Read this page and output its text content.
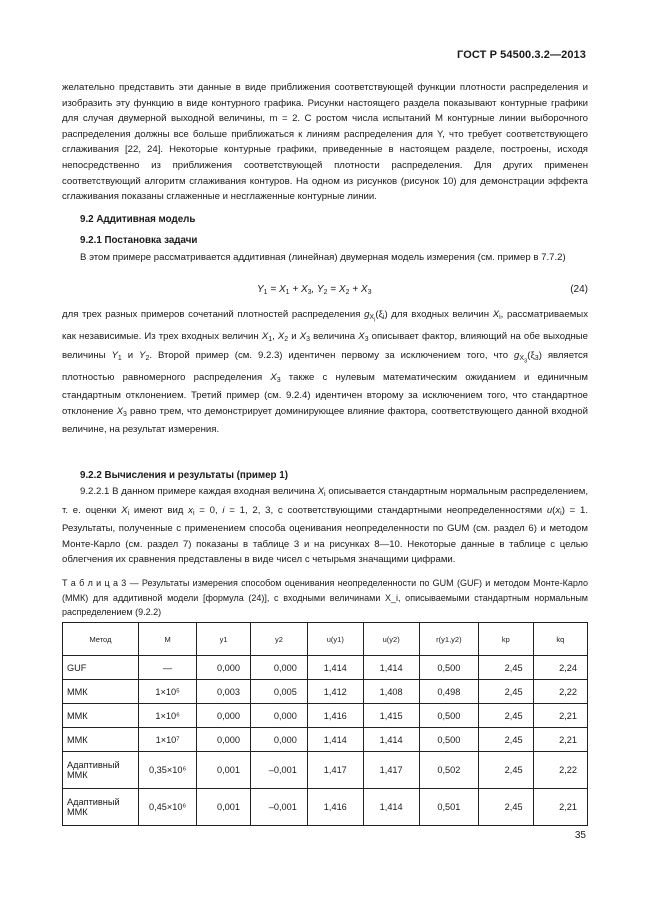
ГОСТ Р 54500.3.2—2013

желательно представить эти данные в виде приближения соответствующей функции плотности распределения и изобразить эту функцию в виде контурного графика. Рисунки настоящего раздела показывают контурные графики для случая двумерной выходной величины, m = 2. С ростом числа испытаний M контурные линии выборочного распределения должны все больше приближаться к линиям распределения для Y, что требует соответствующего сглаживания [22, 24]. Некоторые контурные графики, приведенные в настоящем разделе, построены, исходя непосредственно из приближения соответствующей плотности распределения. Для других применен соответствующий алгоритм сглаживания контуров. На одном из рисунков (рисунок 10) для демонстрации эффекта сглаживания показаны сглаженные и несглаженные контурные линии.

9.2 Аддитивная модель
9.2.1 Постановка задачи

В этом примере рассматривается аддитивная (линейная) двумерная модель измерения (см. пример в 7.7.2)

$Y_1 = X_1 + X_3$, $Y_2 = X_2 + X_3$	(24)

для трех разных примеров сочетаний плотностей распределения $g_{X_i}(\xi_i)$ для входных величин $X_i$, рассматриваемых как независимые. Из трех входных величин $X_1$, $X_2$ и $X_3$ величина $X_3$ описывает фактор, влияющий на обе выходные величины $Y_1$ и $Y_2$. Второй пример (см. 9.2.3) идентичен первому за исключением того, что $g_{X_3}(\xi_3)$ является плотностью равномерного распределения $X_3$ также с нулевым математическим ожиданием и единичным стандартным отклонением. Третий пример (см. 9.2.4) идентичен второму за исключением того, что стандартное отклонение $X_3$ равно трем, что демонстрирует доминирующее влияние фактора, соответствующего данной входной величине, на результат измерения.

9.2.2 Вычисления и результаты (пример 1)

9.2.2.1 В данном примере каждая входная величина $X_i$ описывается стандартным нормальным распределением, т. е. оценки $X_i$ имеют вид $x_i = 0$, i = 1, 2, 3, с соответствующими стандартными неопределенностями $u(x_i) = 1$. Результаты, полученные с применением способа оценивания неопределенности по GUM (см. раздел 6) и методом Монте-Карло (см. раздел 7) показаны в таблице 3 и на рисунках 8—10. Некоторые данные в таблице с целью облегчения их сравнения представлены в виде чисел с четырьмя значащими цифрами.

Т а б л и ц а 3 — Результаты измерения способом оценивания неопределенности по GUM (GUF) и методом Монте-Карло (ММК) для аддитивной модели [формула (24)], с входными величинами X_i, описываемыми стандартным нормальным распределением (9.2.2)
Метод	M	y1	y2	u(y1)	u(y2)	r(y1,y2)	kp	kq
GUF	—	0,000	0,000	1,414	1,414	0,500	2,45	2,24
ММК	1×10⁵	0,003	0,005	1,412	1,408	0,498	2,45	2,22
ММК	1×10⁶	0,000	0,000	1,416	1,415	0,500	2,45	2,21
ММК	1×10⁷	0,000	0,000	1,414	1,414	0,500	2,45	2,21
Адаптивный ММК	0,35×10⁶	0,001	–0,001	1,417	1,417	0,502	2,45	2,22
Адаптивный ММК	0,45×10⁶	0,001	–0,001	1,416	1,414	0,501	2,45	2,21
35
